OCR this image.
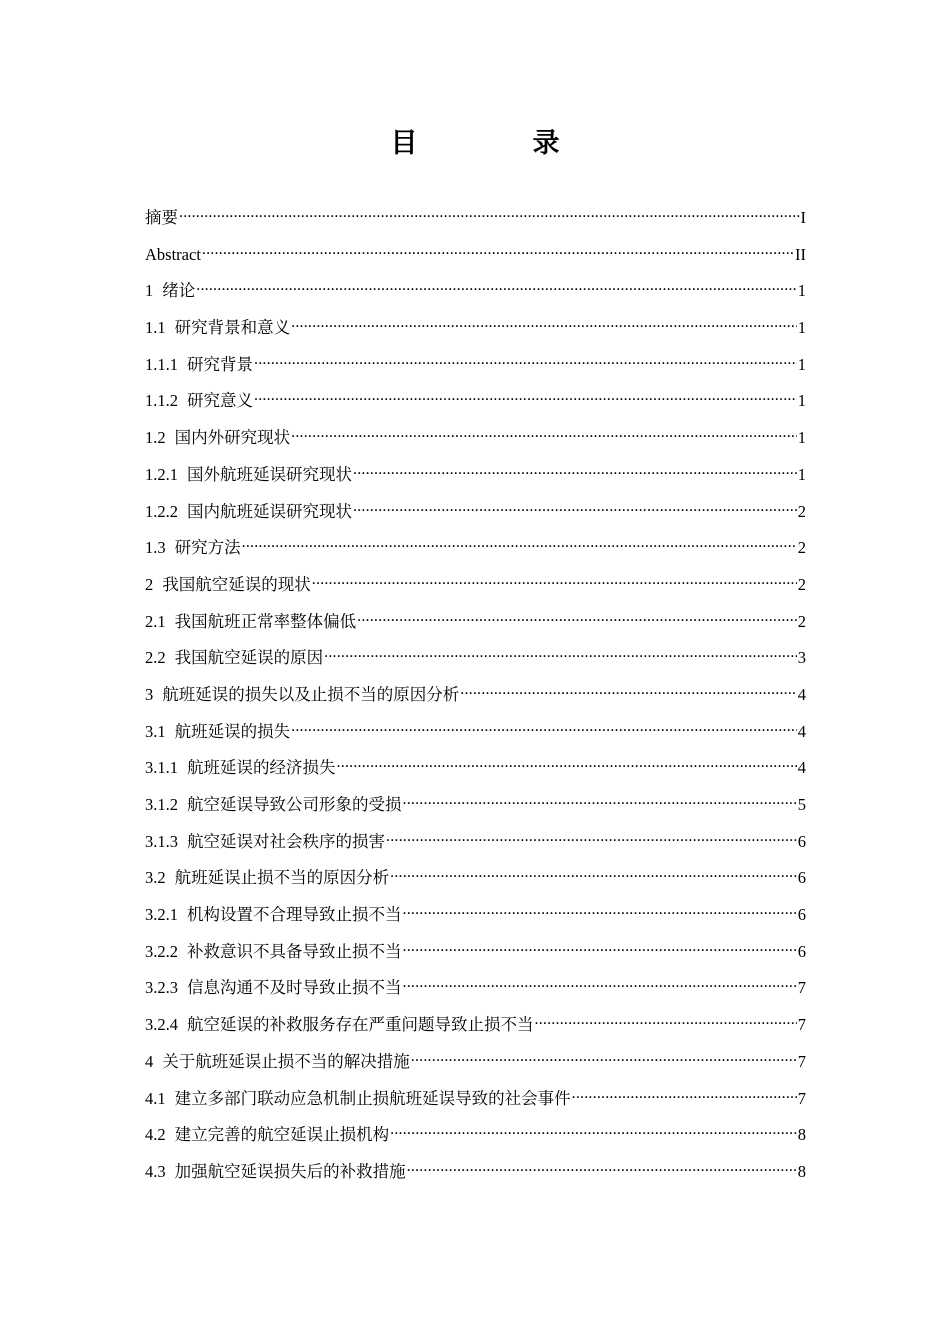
目　录
摘要 .....	I
Abstract .....	II
1 绪论 .....	1
1.1 研究背景和意义 .....	1
1.1.1 研究背景 .....	1
1.1.2 研究意义 .....	1
1.2 国内外研究现状 .....	1
1.2.1 国外航班延误研究现状 .....	1
1.2.2 国内航班延误研究现状 .....	2
1.3 研究方法 .....	2
2 我国航空延误的现状 .....	2
2.1 我国航班正常率整体偏低 .....	2
2.2 我国航空延误的原因 .....	3
3 航班延误的损失以及止损不当的原因分析 .....	4
3.1 航班延误的损失 .....	4
3.1.1 航班延误的经济损失 .....	4
3.1.2 航空延误导致公司形象的受损 .....	5
3.1.3 航空延误对社会秩序的损害 .....	6
3.2 航班延误止损不当的原因分析 .....	6
3.2.1 机构设置不合理导致止损不当 .....	6
3.2.2 补救意识不具备导致止损不当 .....	6
3.2.3 信息沟通不及时导致止损不当 .....	7
3.2.4 航空延误的补救服务存在严重问题导致止损不当 .....	7
4 关于航班延误止损不当的解决措施 .....	7
4.1 建立多部门联动应急机制止损航班延误导致的社会事件 .....	7
4.2 建立完善的航空延误止损机构 .....	8
4.3 加强航空延误损失后的补救措施 .....	8
